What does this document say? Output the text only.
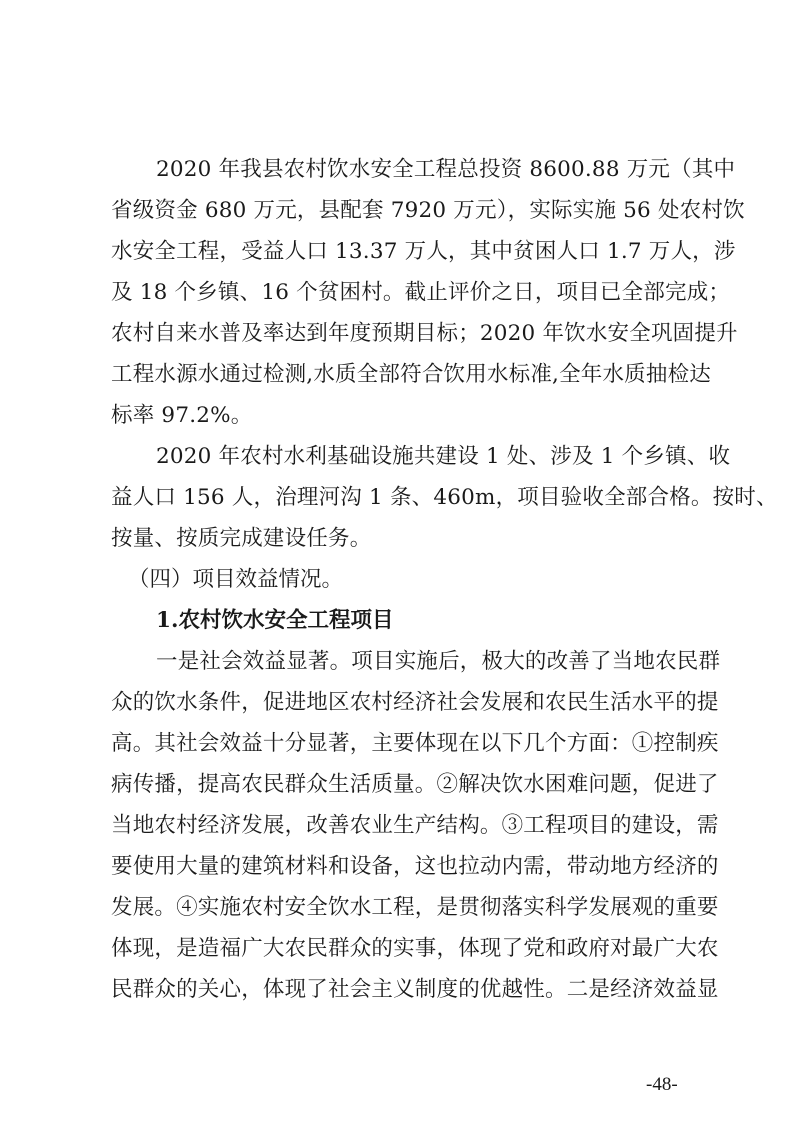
2020 年我县农村饮水安全工程总投资 8600.88 万元（其中
省级资金 680 万元，县配套 7920 万元），实际实施 56 处农村饮
水安全工程，受益人口 13.37 万人，其中贫困人口 1.7 万人，涉
及 18 个乡镇、16 个贫困村。截止评价之日，项目已全部完成；
农村自来水普及率达到年度预期目标；2020 年饮水安全巩固提升
工程水源水通过检测,水质全部符合饮用水标准,全年水质抽检达
标率 97.2%。
2020 年农村水利基础设施共建设 1 处、涉及 1 个乡镇、收
益人口 156 人，治理河沟 1 条、460m，项目验收全部合格。按时、
按量、按质完成建设任务。
（四）项目效益情况。
1.农村饮水安全工程项目
一是社会效益显著。项目实施后，极大的改善了当地农民群
众的饮水条件，促进地区农村经济社会发展和农民生活水平的提
高。其社会效益十分显著，主要体现在以下几个方面：①控制疾
病传播，提高农民群众生活质量。②解决饮水困难问题，促进了
当地农村经济发展，改善农业生产结构。③工程项目的建设，需
要使用大量的建筑材料和设备，这也拉动内需，带动地方经济的
发展。④实施农村安全饮水工程，是贯彻落实科学发展观的重要
体现，是造福广大农民群众的实事，体现了党和政府对最广大农
民群众的关心，体现了社会主义制度的优越性。二是经济效益显
-48-
